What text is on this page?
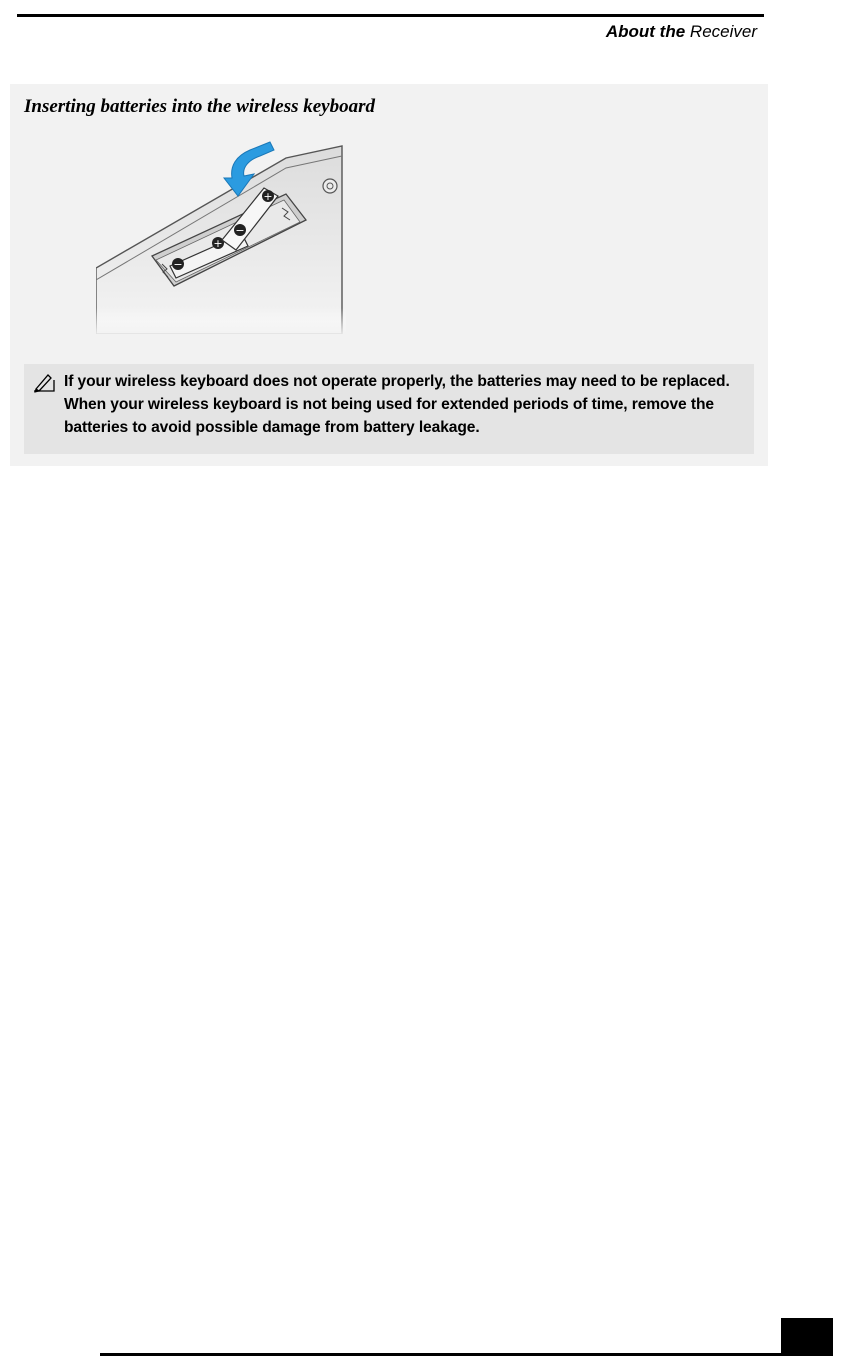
About the Receiver
Inserting batteries into the wireless keyboard
−
+
−
+
If your wireless keyboard does not operate properly, the batteries may need to be replaced. When your wireless keyboard is not being used for extended periods of time, remove the batteries to avoid possible damage from battery leakage.
